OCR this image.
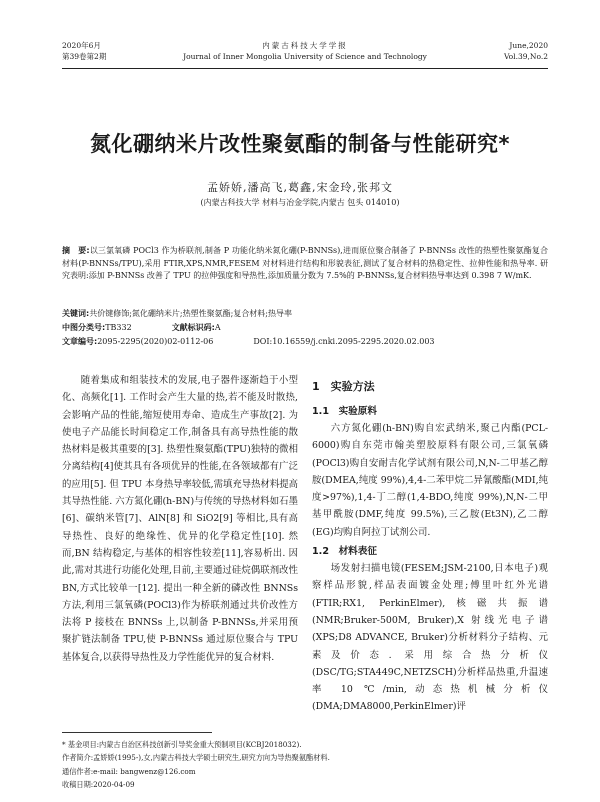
2020年6月
第39卷第2期
内蒙古科技大学学报
Journal of Inner Mongolia University of Science and Technology
June,2020
Vol.39,No.2
氮化硼纳米片改性聚氨酯的制备与性能研究*
孟娇娇,潘高飞,葛鑫,宋金玲,张邦文
(内蒙古科技大学 材料与冶金学院,内蒙古 包头 014010)
摘　要:以三氯氧磷 POCl3 作为桥联剂,制备 P 功能化纳米氮化硼(P-BNNSs),进而原位聚合制备了 P-BNNSs 改性的热塑性聚氨酯复合材料(P-BNNSs/TPU),采用 FTIR,XPS,NMR,FESEM 对材料进行结构和形貌表征,测试了复合材料的热稳定性、拉伸性能和热导率. 研究表明:添加 P-BNNSs 改善了 TPU 的拉伸强度和导热性,添加质量分数为 7.5%的 P-BNNSs,复合材料热导率达到 0.398 7 W/mK.
关键词:共价键修饰;氮化硼纳米片;热塑性聚氨酯;复合材料;热导率
中图分类号:TB332	文献标识码:A
文章编号:2095-2295(2020)02-0112-06	DOI:10.16559/j.cnki.2095-2295.2020.02.003

随着集成和组装技术的发展,电子器件逐渐趋于小型化、高频化[1]. 工作时会产生大量的热,若不能及时散热,会影响产品的性能,缩短使用寿命、造成生产事故[2]. 为使电子产品能长时间稳定工作,制备具有高导热性能的散热材料是极其重要的[3]. 热塑性聚氨酯(TPU)独特的微相分离结构[4]使其具有各项优异的性能,在各领域都有广泛的应用[5]. 但 TPU 本身热导率较低,需填充导热材料提高其导热性能. 六方氮化硼(h-BN)与传统的导热材料如石墨[6]、碳纳米管[7]、AlN[8] 和 SiO2[9] 等相比,具有高导热性、良好的绝缘性、优异的化学稳定性[10]. 然而,BN 结构稳定,与基体的相容性较差[11],容易析出. 因此,需对其进行功能化处理,目前,主要通过硅烷偶联剂改性 BN,方式比较单一[12]. 提出一种全新的磷改性 BNNSs 方法,利用三氯氧磷(POCl3)作为桥联剂通过共价改性方法将 P 接枝在 BNNSs 上,以制备 P-BNNSs,并采用预聚扩链法制备 TPU,使 P-BNNSs 通过原位聚合与 TPU 基体复合,以获得导热性及力学性能优异的复合材料.

1　实验方法
1.1　实验原料

六方氮化硼(h-BN)购自宏武纳米,聚己内酯(PCL-6000)购自东莞市翰美塑胶原料有限公司,三氯氧磷(POCl3)购自安耐吉化学试剂有限公司,N,N-二甲基乙醇胺(DMEA,纯度 99%),4,4-二苯甲烷二异氰酸酯(MDI,纯度>97%),1,4-丁二醇(1,4-BDO,纯度 99%),N,N-二甲基甲酰胺(DMF,纯度 99.5%),三乙胺(Et3N),乙二醇(EG)均购自阿拉丁试剂公司.

1.2　材料表征

场发射扫描电镜(FESEM;JSM-2100,日本电子)观察样品形貌,样品表面镀金处理;傅里叶红外光谱(FTIR;RX1, PerkinElmer),核磁共振谱(NMR;Bruker-500M, Bruker),X 射线光电子谱(XPS;D8 ADVANCE, Bruker)分析材料分子结构、元素及价态. 采用综合热分析仪(DSC/TG;STA449C,NETZSCH)分析样品热重,升温速率 10 ℃/min,动态热机械分析仪(DMA;DMA8000,PerkinElmer)评

* 基金项目:内蒙古自治区科技创新引导奖金重大预制项目(KCBJ2018032).
作者简介:孟娇娇(1995-),女,内蒙古科技大学硕士研究生,研究方向为导热聚氨酯材料.
通信作者:e-mail: bangwenz@126.com
收稿日期:2020-04-09
